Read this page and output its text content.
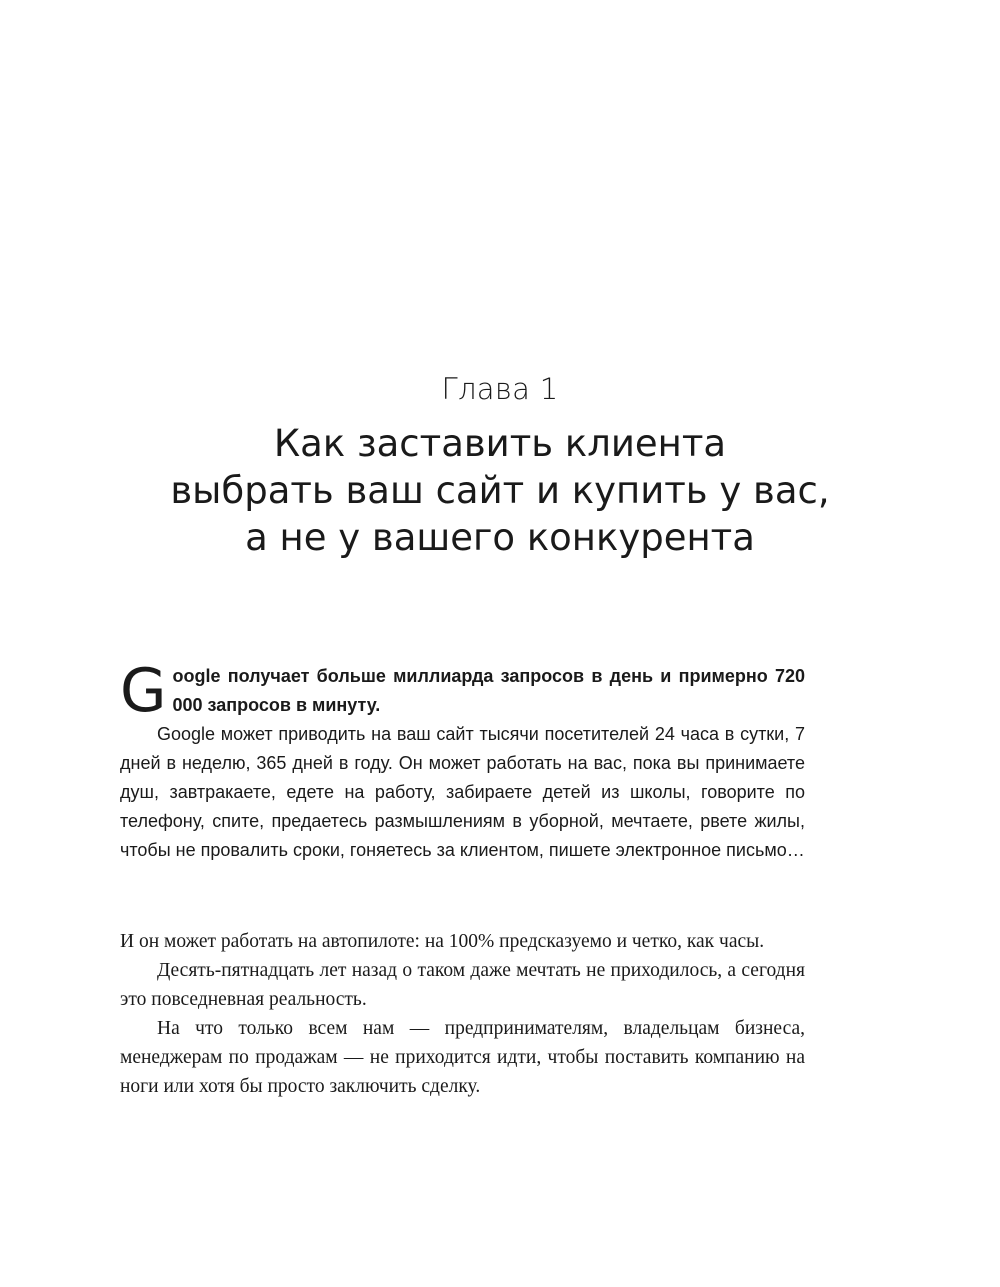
Глава 1
Как заставить клиента
выбрать ваш сайт и купить у вас,
а не у вашего конкурента
G oogle получает больше миллиарда запросов в день и примерно 720 000 запросов в минуту.

Google может приводить на ваш сайт тысячи посетителей 24 часа в сутки, 7 дней в неделю, 365 дней в году. Он может работать на вас, пока вы принимаете душ, завтракаете, едете на работу, забираете детей из школы, говорите по телефону, спите, предаетесь размышлениям в уборной, мечтаете, рвете жилы, чтобы не провалить сроки, гоняетесь за клиентом, пишете электронное письмо…

И он может работать на автопилоте: на 100% предсказуемо и четко, как часы.

Десять-пятнадцать лет назад о таком даже мечтать не приходилось, а сегодня это повседневная реальность.

На что только всем нам — предпринимателям, владельцам бизнеса, менеджерам по продажам — не приходится идти, чтобы поставить компанию на ноги или хотя бы просто заключить сделку.
